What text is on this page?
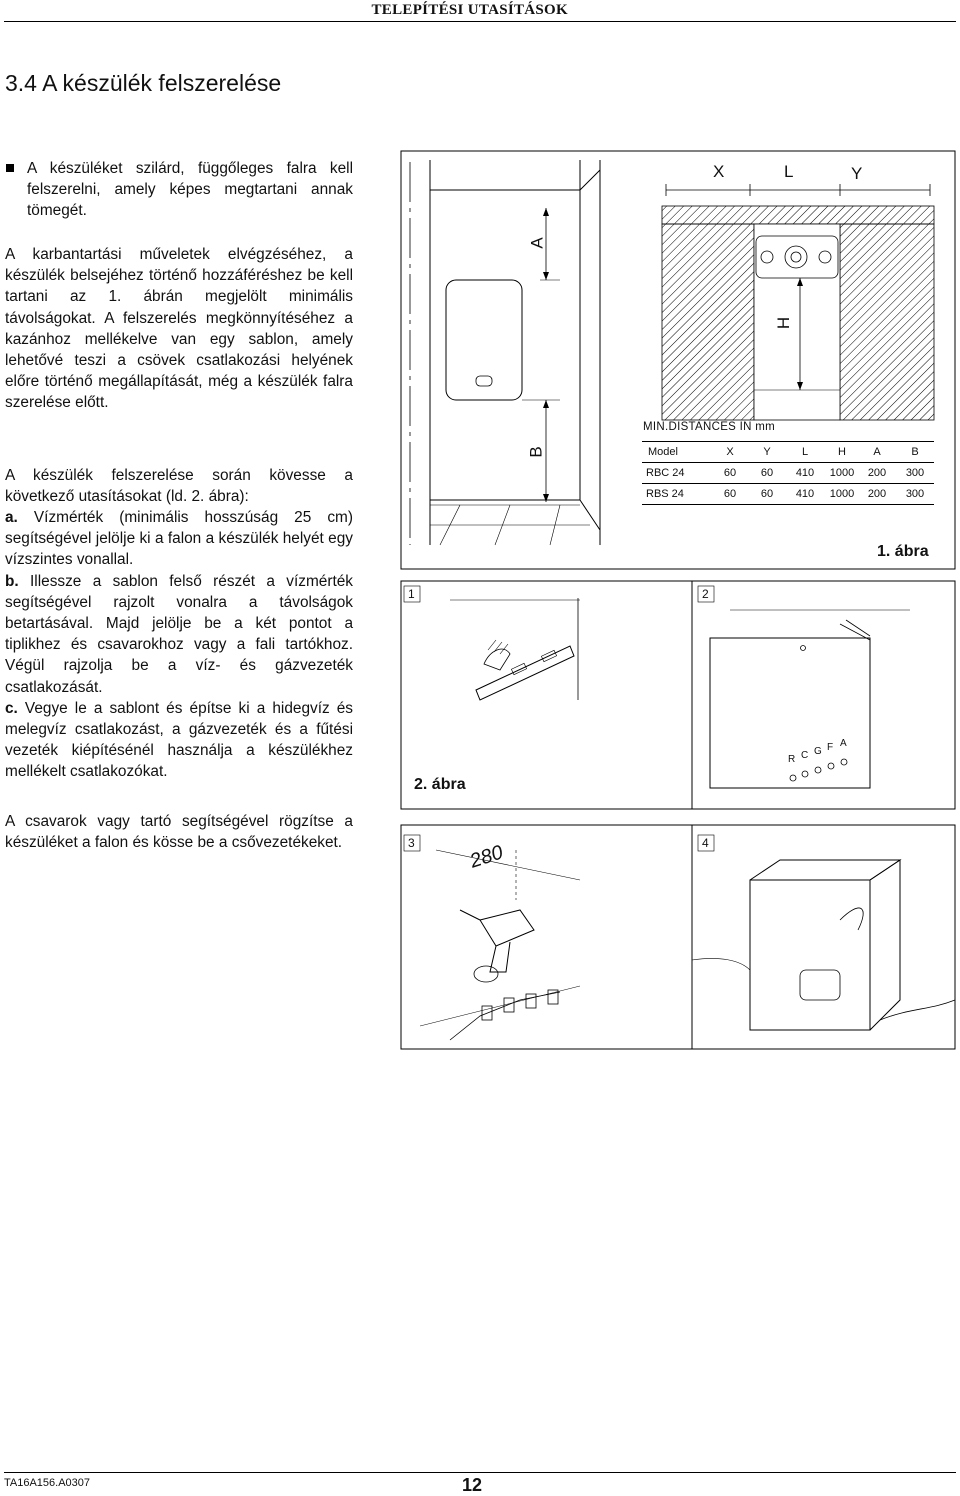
TELEPÍTÉSI UTASÍTÁSOK
3.4 A készülék felszerelése

A készüléket szilárd, függőleges falra kell felszerelni, amely képes megtartani annak tömegét.

A karbantartási műveletek elvégzéséhez, a készülék belsejéhez történő hozzáféréshez be kell tartani az 1. ábrán megjelölt minimális távolságokat. A felszerelés megkönnyítéséhez a kazánhoz mellékelve van egy sablon, amely lehetővé teszi a csövek csatlakozási helyének előre történő megállapítását, még a készülék falra szerelése előtt.

A készülék felszerelése során kövesse a következő utasításokat (ld. 2. ábra):

a. Vízmérték (minimális hosszúság 25 cm) segítségével jelölje ki a falon a készülék helyét egy vízszintes vonallal.

b. Illessze a sablon felső részét a vízmérték segítségével rajzolt vonalra a távolságok betartásával. Majd jelölje be a két pontot a tiplikhez és csavarokhoz vagy a fali tartókhoz. Végül rajzolja be a víz- és gázvezeték csatlakozását.

c. Vegye le a sablont és építse ki a hidegvíz és melegvíz csatlakozást, a gázvezeték és a fűtési vezeték kiépítésénél használja a készülékhez mellékelt csatlakozókat.

A csavarok vagy tartó segítségével rögzítse a készüléket a falon és kösse be a csővezetékeket.

X	L	Y
H
A
B
MIN.DISTANCES IN mm
Model	X	Y	L	H	A	B
RBC 24	60	60	410	1000	200	300
RBS 24	60	60	410	1000	200	300
1. ábra
1	2
3	4
280
R C G F A
2. ábra
TA16A156.A0307	12
